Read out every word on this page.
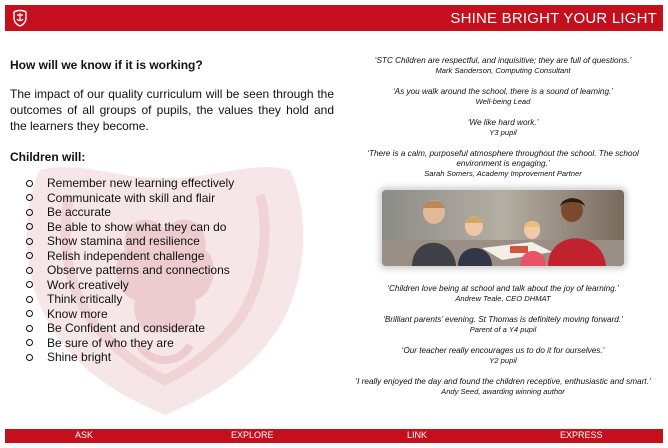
SHINE BRIGHT YOUR LIGHT

How will we know if it is working?

The impact of our quality curriculum will be seen through the outcomes of all groups of pupils, the values they hold and the learners they become.

Children will:

Remember new learning effectively
Communicate with skill and flair
Be accurate
Be able to show what they can do
Show stamina and resilience
Relish independent challenge
Observe patterns and connections
Work creatively
Think critically
Know more
Be Confident and considerate
Be sure of who they are
Shine bright
‘STC Children are respectful, and inquisitive; they are full of questions.’
Mark Sanderson, Computing Consultant
‘As you walk around the school, there is a sound of learning.’
Well-being Lead
‘We like hard work.’
Y3 pupil
‘There is a calm, purposeful atmosphere throughout the school. The school environment is engaging.’
Sarah Somers, Academy Improvement Partner
‘Children love being at school and talk about the joy of learning.’
Andrew Teale, CEO DHMAT
‘Brilliant parents’ evening. St Thomas is definitely moving forward.’
Parent of a Y4 pupil
‘Our teacher really encourages us to do it for ourselves.’
Y2 pupil
‘I really enjoyed the day and found the children receptive, enthusiastic and smart.’
Andy Seed, awarding winning author
ASK	EXPLORE	LINK	EXPRESS
